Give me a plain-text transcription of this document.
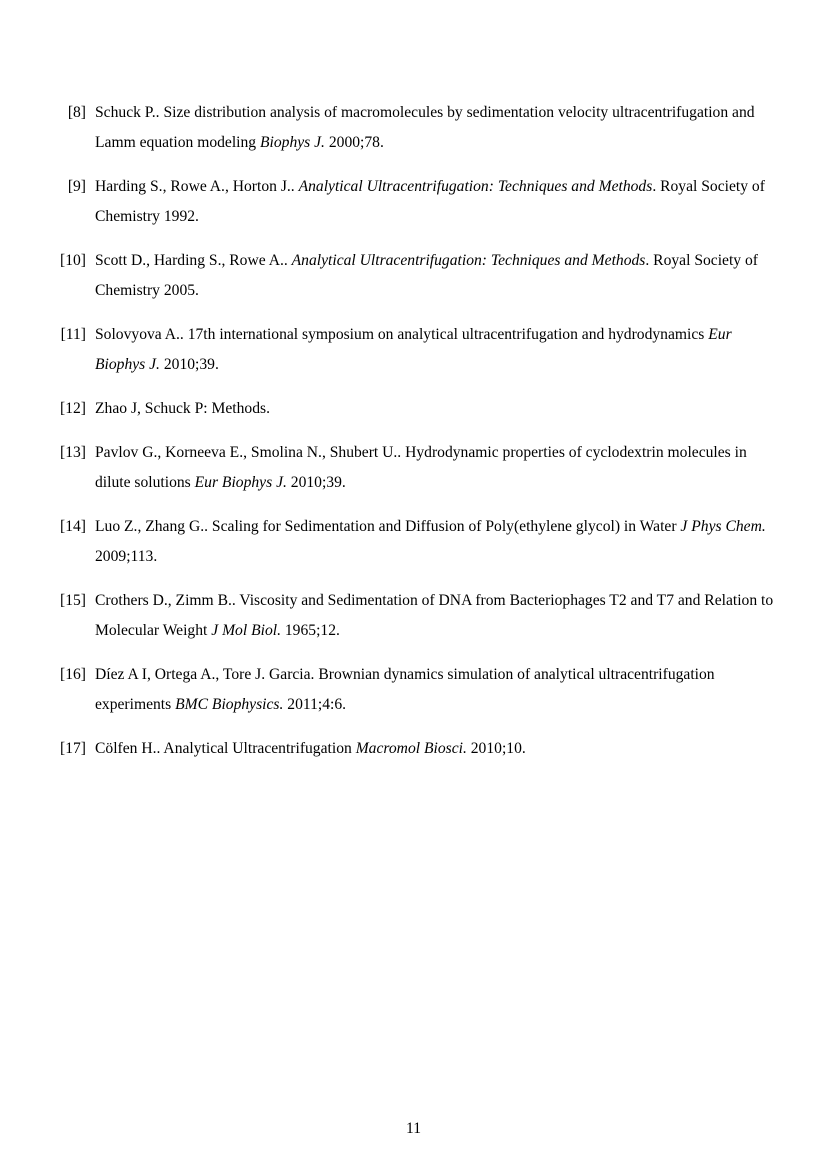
[8] Schuck P.. Size distribution analysis of macromolecules by sedimentation velocity ultracentrifugation and Lamm equation modeling Biophys J. 2000;78.
[9] Harding S., Rowe A., Horton J.. Analytical Ultracentrifugation: Techniques and Methods. Royal Society of Chemistry 1992.
[10] Scott D., Harding S., Rowe A.. Analytical Ultracentrifugation: Techniques and Methods. Royal Society of Chemistry 2005.
[11] Solovyova A.. 17th international symposium on analytical ultracentrifugation and hydrodynamics Eur Biophys J. 2010;39.
[12] Zhao J, Schuck P: Methods.
[13] Pavlov G., Korneeva E., Smolina N., Shubert U.. Hydrodynamic properties of cyclodextrin molecules in dilute solutions Eur Biophys J. 2010;39.
[14] Luo Z., Zhang G.. Scaling for Sedimentation and Diffusion of Poly(ethylene glycol) in Water J Phys Chem. 2009;113.
[15] Crothers D., Zimm B.. Viscosity and Sedimentation of DNA from Bacteriophages T2 and T7 and Relation to Molecular Weight J Mol Biol. 1965;12.
[16] Díez A I, Ortega A., Tore J. Garcia. Brownian dynamics simulation of analytical ultracentrifugation experiments BMC Biophysics. 2011;4:6.
[17] Cölfen H.. Analytical Ultracentrifugation Macromol Biosci. 2010;10.
11
